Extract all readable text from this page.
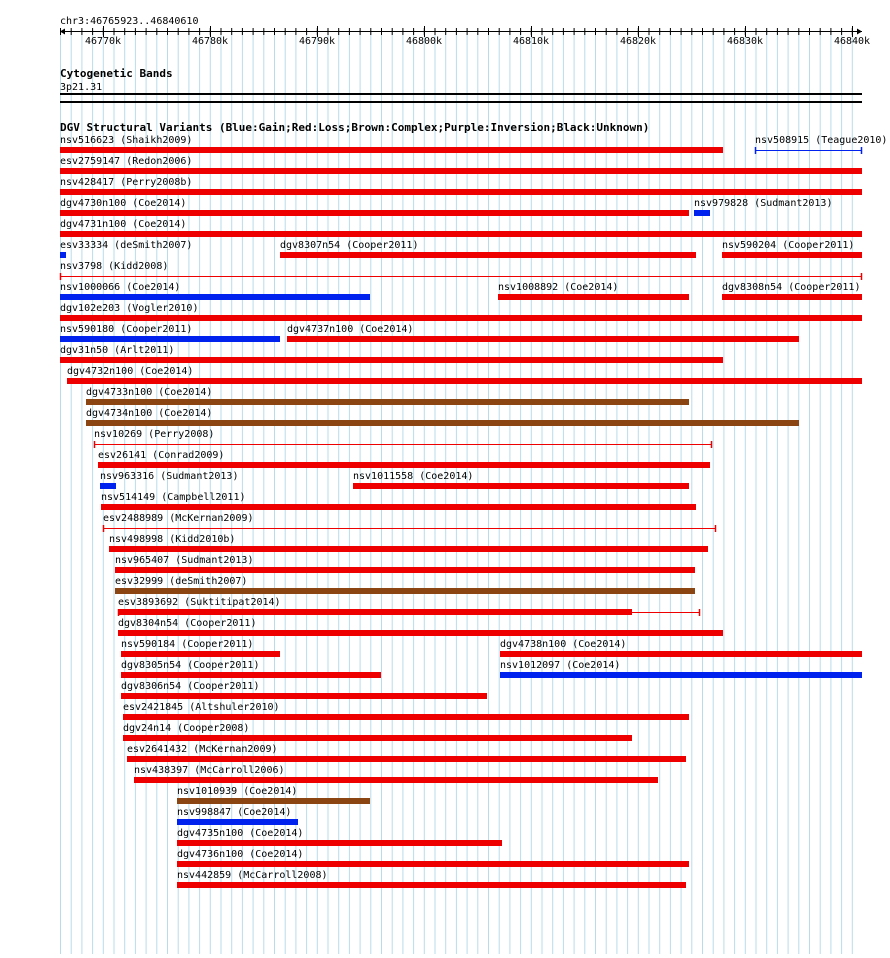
chr3:46765923..46840610
46770k	46780k	46790k	46800k	46810k	46820k	46830k	46840k
Cytogenetic Bands
3p21.31
DGV Structural Variants (Blue:Gain;Red:Loss;Brown:Complex;Purple:Inversion;Black:Unknown)
nsv516623 (Shaikh2009)	nsv508915 (Teague2010)
esv2759147 (Redon2006)
nsv428417 (Perry2008b)
dgv4730n100 (Coe2014)	nsv979828 (Sudmant2013)
dgv4731n100 (Coe2014)
esv33334 (deSmith2007)	dgv8307n54 (Cooper2011)	nsv590204 (Cooper2011)
nsv3798 (Kidd2008)
nsv1000066 (Coe2014)	nsv1008892 (Coe2014)	dgv8308n54 (Cooper2011)
dgv102e203 (Vogler2010)
nsv590180 (Cooper2011)	dgv4737n100 (Coe2014)
dgv31n50 (Arlt2011)
dgv4732n100 (Coe2014)
dgv4733n100 (Coe2014)
dgv4734n100 (Coe2014)
nsv10269 (Perry2008)
esv26141 (Conrad2009)
nsv963316 (Sudmant2013)	nsv1011558 (Coe2014)
nsv514149 (Campbell2011)
esv2488989 (McKernan2009)
nsv498998 (Kidd2010b)
nsv965407 (Sudmant2013)
esv32999 (deSmith2007)
esv3893692 (Suktitipat2014)
dgv8304n54 (Cooper2011)
nsv590184 (Cooper2011)	dgv4738n100 (Coe2014)
dgv8305n54 (Cooper2011)	nsv1012097 (Coe2014)
dgv8306n54 (Cooper2011)
esv2421845 (Altshuler2010)
dgv24n14 (Cooper2008)
esv2641432 (McKernan2009)
nsv438397 (McCarroll2006)
nsv1010939 (Coe2014)
nsv998847 (Coe2014)
dgv4735n100 (Coe2014)
dgv4736n100 (Coe2014)
nsv442859 (McCarroll2008)
